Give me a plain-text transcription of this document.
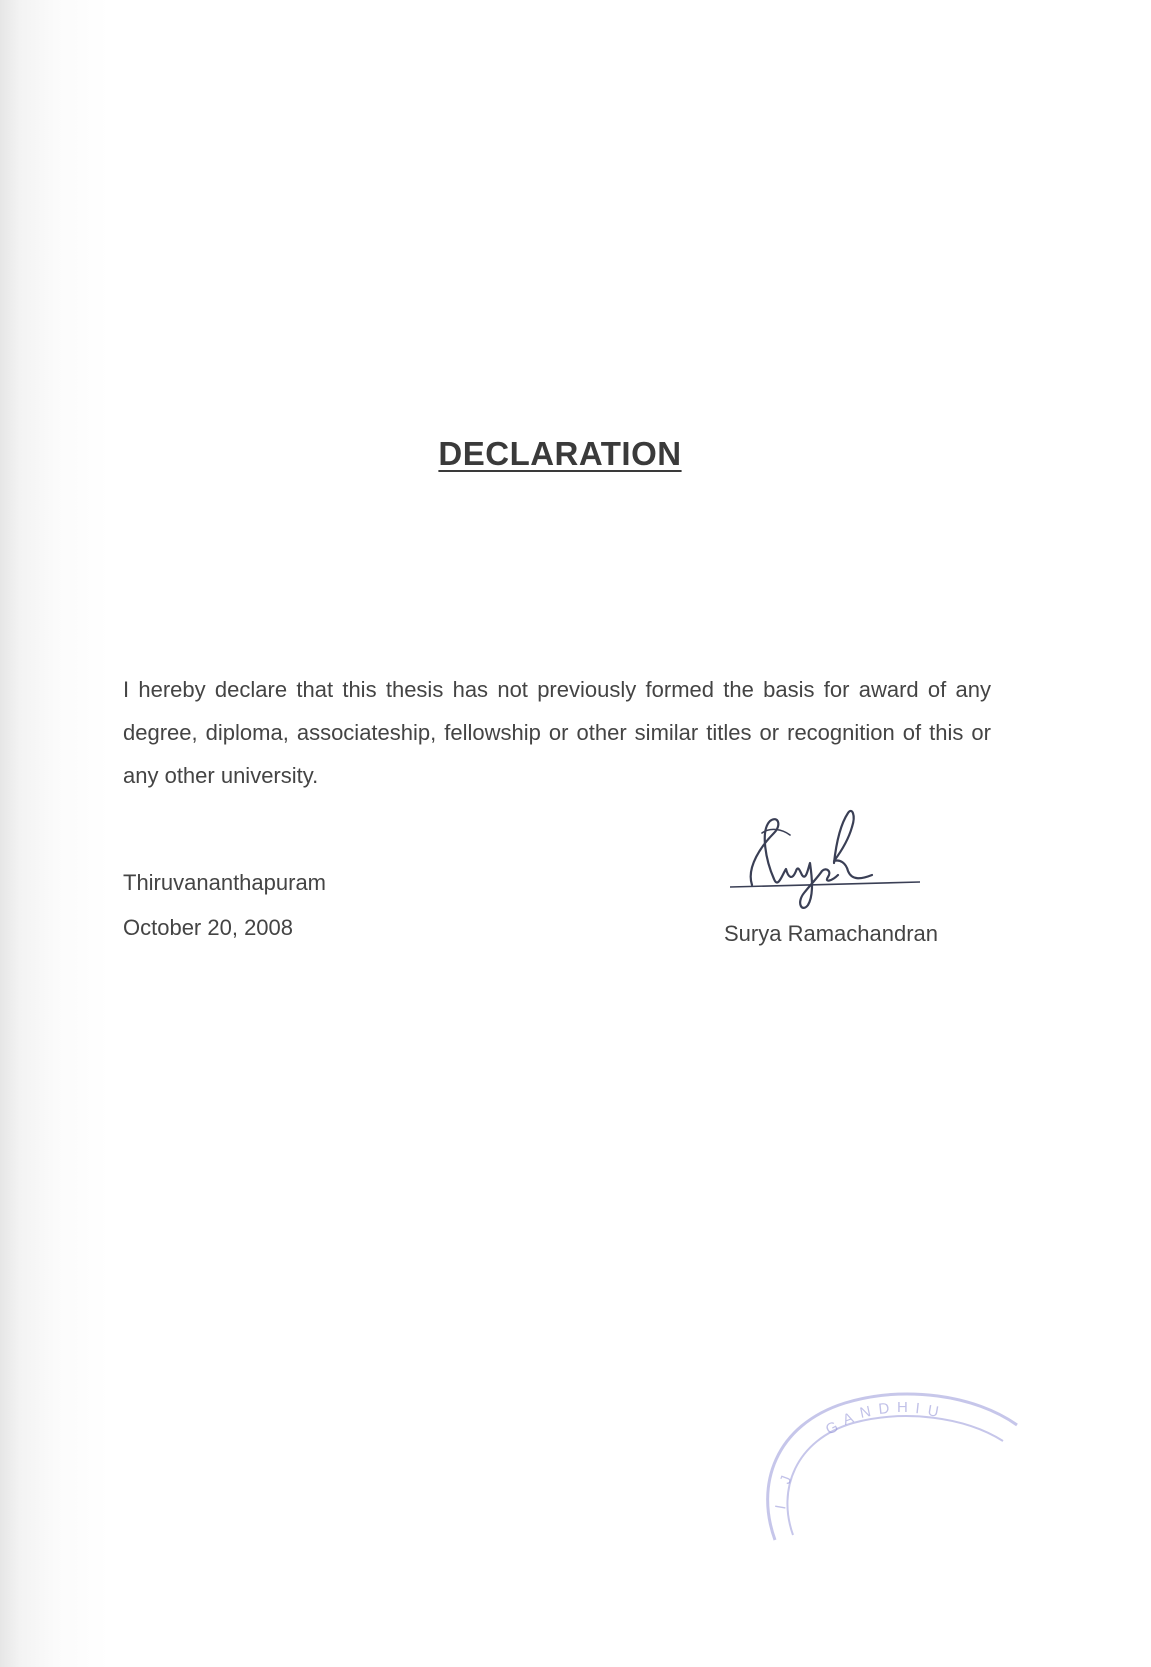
DECLARATION

I hereby declare that this thesis has not previously formed the basis for award of any degree, diploma, associateship, fellowship or other similar titles or recognition of this or any other university.

Thiruvananthapuram
October 20, 2008	Surya Ramachandran
G A N D H I U
J
I
